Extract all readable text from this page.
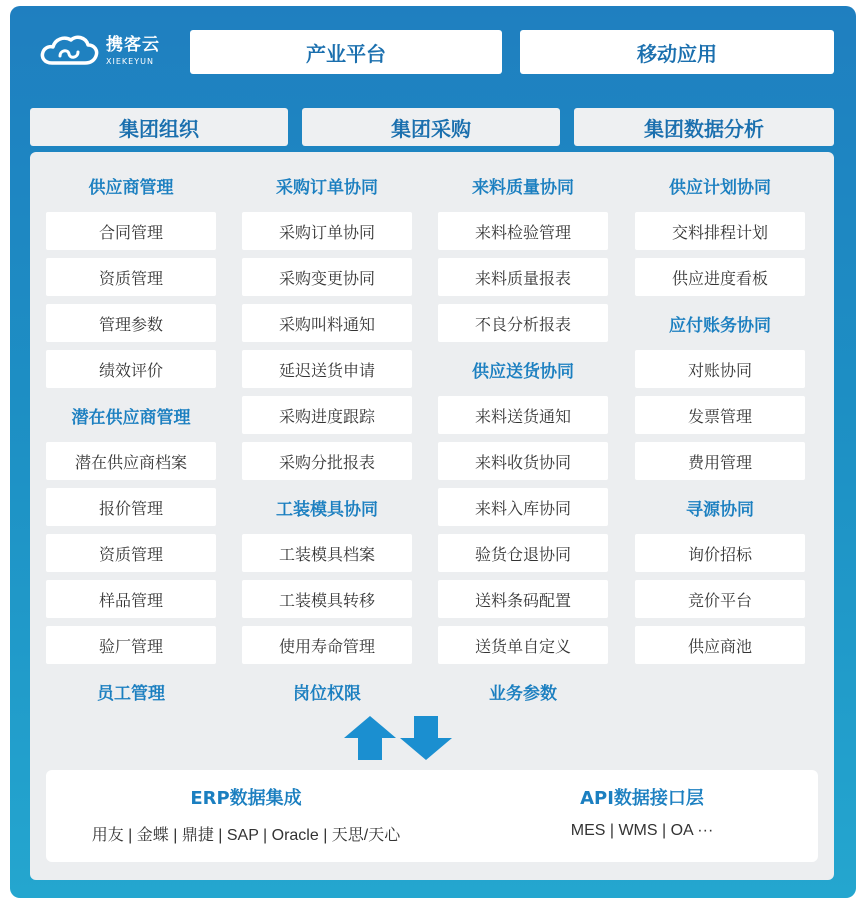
携客云
XIEKEYUN	产业平台	移动应用
集团组织	集团采购	集团数据分析
供应商管理
合同管理
资质管理
管理参数
绩效评价
潜在供应商管理
潜在供应商档案
报价管理
资质管理
样品管理
验厂管理
员工管理
采购订单协同
采购订单协同
采购变更协同
采购叫料通知
延迟送货申请
采购进度跟踪
采购分批报表
工装模具协同
工装模具档案
工装模具转移
使用寿命管理
岗位权限
来料质量协同
来料检验管理
来料质量报表
不良分析报表
供应送货协同
来料送货通知
来料收货协同
来料入库协同
验货仓退协同
送料条码配置
送货单自定义
业务参数
供应计划协同
交料排程计划
供应进度看板
应付账务协同
对账协同
发票管理
费用管理
寻源协同
询价招标
竞价平台
供应商池
ERP数据集成
用友 | 金蝶 | 鼎捷 | SAP | Oracle | 天思/天心
API数据接口层
MES | WMS | OA ···
